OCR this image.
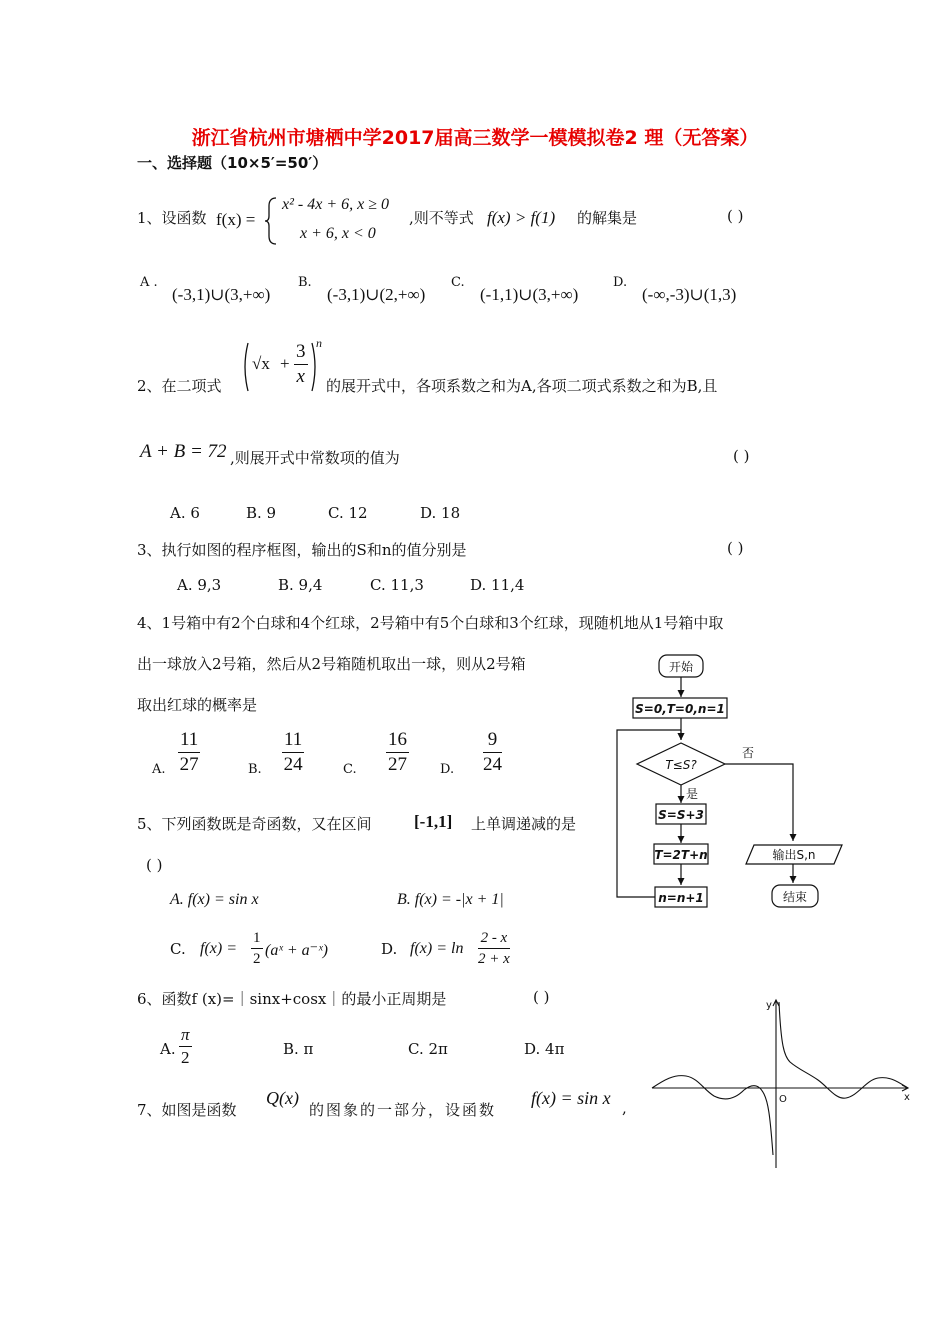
浙江省杭州市塘栖中学2017届高三数学一模模拟卷2 理（无答案）
一、选择题（10×5′=50′）
1、设函数 f(x) =
x² - 4x + 6, x ≥ 0
x + 6, x < 0
,则不等式 f(x) > f(1) 的解集是	( )
A .
(-3,1)∪(3,+∞)
B.
(-3,1)∪(2,+∞)
C.
(-1,1)∪(3,+∞)
D.
(-∞,-3)∪(1,3)
2、在二项式
$√x + \frac{3}{x}$ n
的展开式中，各项系数之和为A,各项二项式系数之和为B,且
A + B = 72 ,则展开式中常数项的值为	( )
A. 6	B. 9	C. 12	D. 18
3、执行如图的程序框图，输出的S和n的值分别是	( )
A. 9,3	B. 9,4	C. 11,3	D. 11,4
4、1号箱中有2个白球和4个红球，2号箱中有5个白球和3个红球，现随机地从1号箱中取
出一球放入2号箱，然后从2号箱随机取出一球，则从2号箱
取出红球的概率是
A. $\frac{11}{27}$	B. $\frac{11}{24}$	C. $\frac{16}{27} D$. $\frac{9}{24}$
5、下列函数既是奇函数，又在区间 [-1,1] 上单调递减的是
( )
A. f(x) = sin x	B. f(x) = -|x + 1|
C. $f(x) = \frac{1}{2}$ (aˣ + a⁻ˣ)	D. $f(x) = \ln \frac{2 - x}{2 + x}$
6、函数f (x)=｜sinx+cosx｜的最小正周期是	( )
A. $\frac{\pi}{2}$	B. π	C. 2π	D. 4π
7、如图是函数
Q(x)
的图象的一部分，设函数
f(x) = sin x ,
开始
S=0,T=0,n=1
T≤S?
是
否
S=S+3
T=2T+n
n=n+1
输出S,n
结束
y
x
O
